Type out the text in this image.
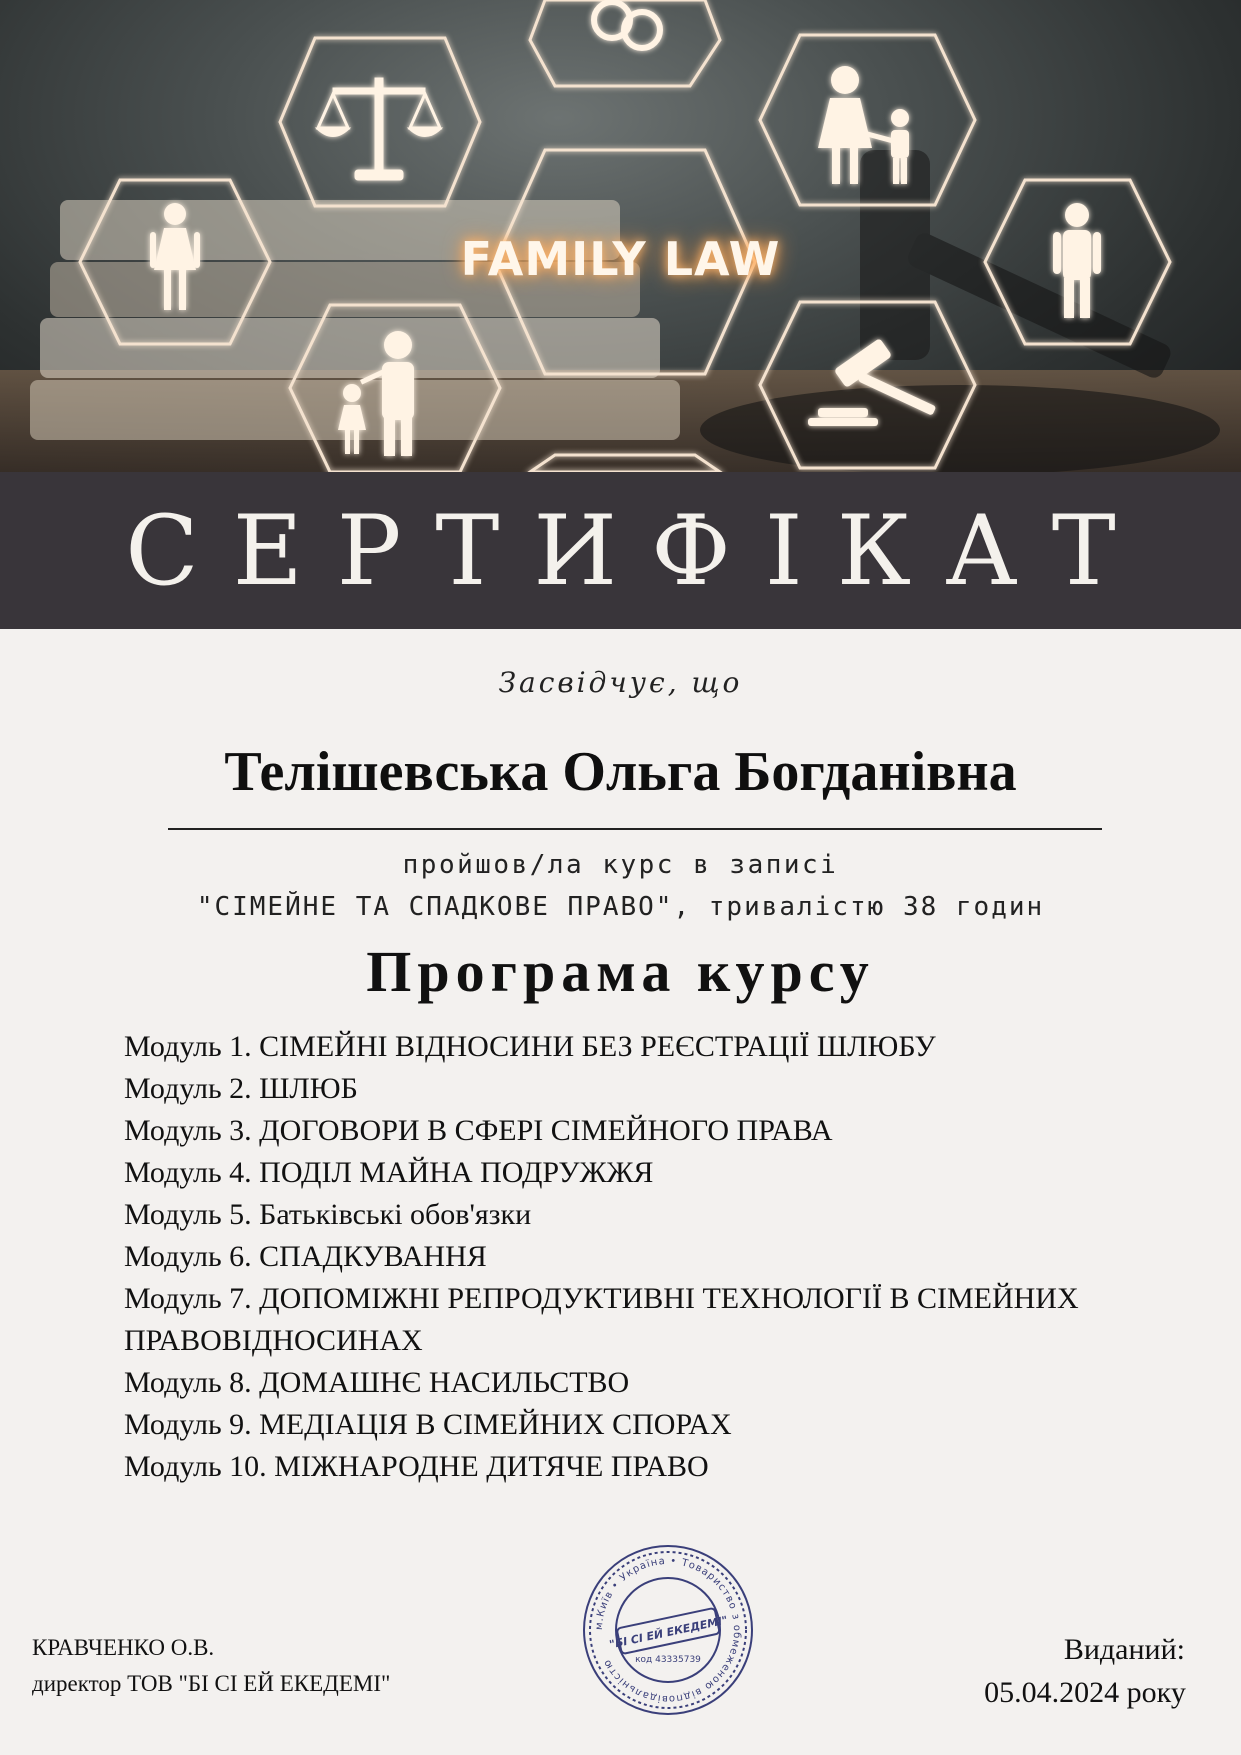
FAMILY LAW
СЕРТИФІКАТ
Засвідчує, що
Телішевська Ольга Богданівна
пройшов/ла курс в записі
"СІМЕЙНЕ ТА СПАДКОВЕ ПРАВО", тривалістю 38 годин
Програма курсу
Модуль 1. СІМЕЙНІ ВІДНОСИНИ БЕЗ РЕЄСТРАЦІЇ ШЛЮБУ
Модуль 2. ШЛЮБ
Модуль 3. ДОГОВОРИ В СФЕРІ СІМЕЙНОГО ПРАВА
Модуль 4. ПОДІЛ МАЙНА ПОДРУЖЖЯ
Модуль 5. Батьківські обов'язки
Модуль 6. СПАДКУВАННЯ
Модуль 7. ДОПОМІЖНІ РЕПРОДУКТИВНІ ТЕХНОЛОГІЇ В СІМЕЙНИХ ПРАВОВІДНОСИНАХ
Модуль 8. ДОМАШНЄ НАСИЛЬСТВО
Модуль 9. МЕДІАЦІЯ В СІМЕЙНИХ СПОРАХ
Модуль 10. МІЖНАРОДНЕ ДИТЯЧЕ ПРАВО
КРАВЧЕНКО О.В.
директор ТОВ "БІ СІ ЕЙ ЕКЕДЕМІ"
м.Київ • Україна • Товариство з обмеженою відповідальністю
"БІ СІ ЕЙ ЕКЕДЕМІ"
код 43335739	Виданий:
05.04.2024 року
